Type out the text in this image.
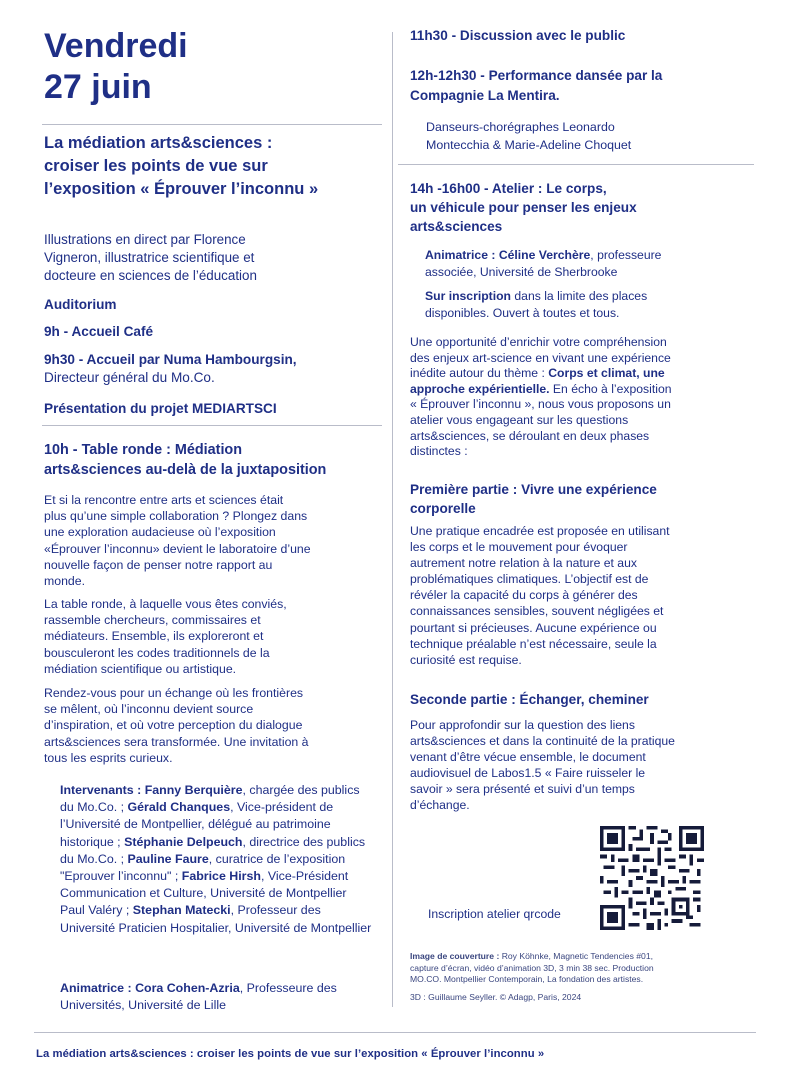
Vendredi
27 juin
La médiation arts&sciences :
croiser les points de vue sur
l’exposition « Éprouver l’inconnu »
Illustrations en direct par Florence
Vigneron, illustratrice scientifique et
docteure en sciences de l’éducation
Auditorium
9h - Accueil Café
9h30 - Accueil par Numa Hambourgsin,
Directeur général du Mo.Co.
Présentation du projet MEDIARTSCI
10h - Table ronde : Médiation
arts&sciences au-delà de la juxtaposition
Et si la rencontre entre arts et sciences était
plus qu’une simple collaboration ? Plongez dans
une exploration audacieuse où l’exposition
«Éprouver l’inconnu» devient le laboratoire d’une
nouvelle façon de penser notre rapport au
monde.
La table ronde, à laquelle vous êtes conviés,
rassemble chercheurs, commissaires et
médiateurs. Ensemble, ils exploreront et
bousculeront les codes traditionnels de la
médiation scientifique ou artistique.
Rendez-vous pour un échange où les frontières
se mêlent, où l’inconnu devient source
d’inspiration, et où votre perception du dialogue
arts&sciences sera transformée. Une invitation à
tous les esprits curieux.
Intervenants : Fanny Berquière, chargée des publics du Mo.Co. ; Gérald Chanques, Vice-président de l’Université de Montpellier, délégué au patrimoine historique ; Stéphanie Delpeuch, directrice des publics du Mo.Co. ; Pauline Faure, curatrice de l’exposition "Eprouver l’inconnu" ; Fabrice Hirsh, Vice-Président Communication et Culture, Université de Montpellier Paul Valéry ; Stephan Matecki, Professeur des Université Praticien Hospitalier, Université de Montpellier
Animatrice : Cora Cohen-Azria, Professeure des Universités, Université de Lille
11h30 - Discussion avec le public
12h-12h30 - Performance dansée par la
Compagnie La Mentira.
Danseurs-chorégraphes Leonardo
Montecchia & Marie-Adeline Choquet
14h -16h00 - Atelier : Le corps,
un véhicule pour penser les enjeux
arts&sciences
Animatrice : Céline Verchère, professeure
associée, Université de Sherbrooke
Sur inscription dans la limite des places
disponibles. Ouvert à toutes et tous.
Une opportunité d’enrichir votre compréhension
des enjeux art-science en vivant une expérience
inédite autour du thème : Corps et climat, une
approche expérientielle. En écho à l’exposition
« Éprouver l’inconnu », nous vous proposons un
atelier vous engageant sur les questions
arts&sciences, se déroulant en deux phases
distinctes :
Première partie : Vivre une expérience
corporelle
Une pratique encadrée est proposée en utilisant
les corps et le mouvement pour évoquer
autrement notre relation à la nature et aux
problématiques climatiques. L’objectif est de
révéler la capacité du corps à générer des
connaissances sensibles, souvent négligées et
pourtant si précieuses. Aucune expérience ou
technique préalable n’est nécessaire, seule la
curiosité est requise.
Seconde partie : Échanger, cheminer
Pour approfondir sur la question des liens
arts&sciences et dans la continuité de la pratique
venant d’être vécue ensemble, le document
audiovisuel de Labos1.5 « Faire ruisseler le
savoir » sera présenté et suivi d’un temps
d’échange.
Inscription atelier qrcode
Image de couverture : Roy Köhnke, Magnetic Tendencies #01,
capture d’écran, vidéo d’animation 3D, 3 min 38 sec. Production
MO.CO. Montpellier Contemporain, La fondation des artistes.
3D : Guillaume Seyller. © Adagp, Paris, 2024
La médiation arts&sciences : croiser les points de vue sur l’exposition « Éprouver l’inconnu »
